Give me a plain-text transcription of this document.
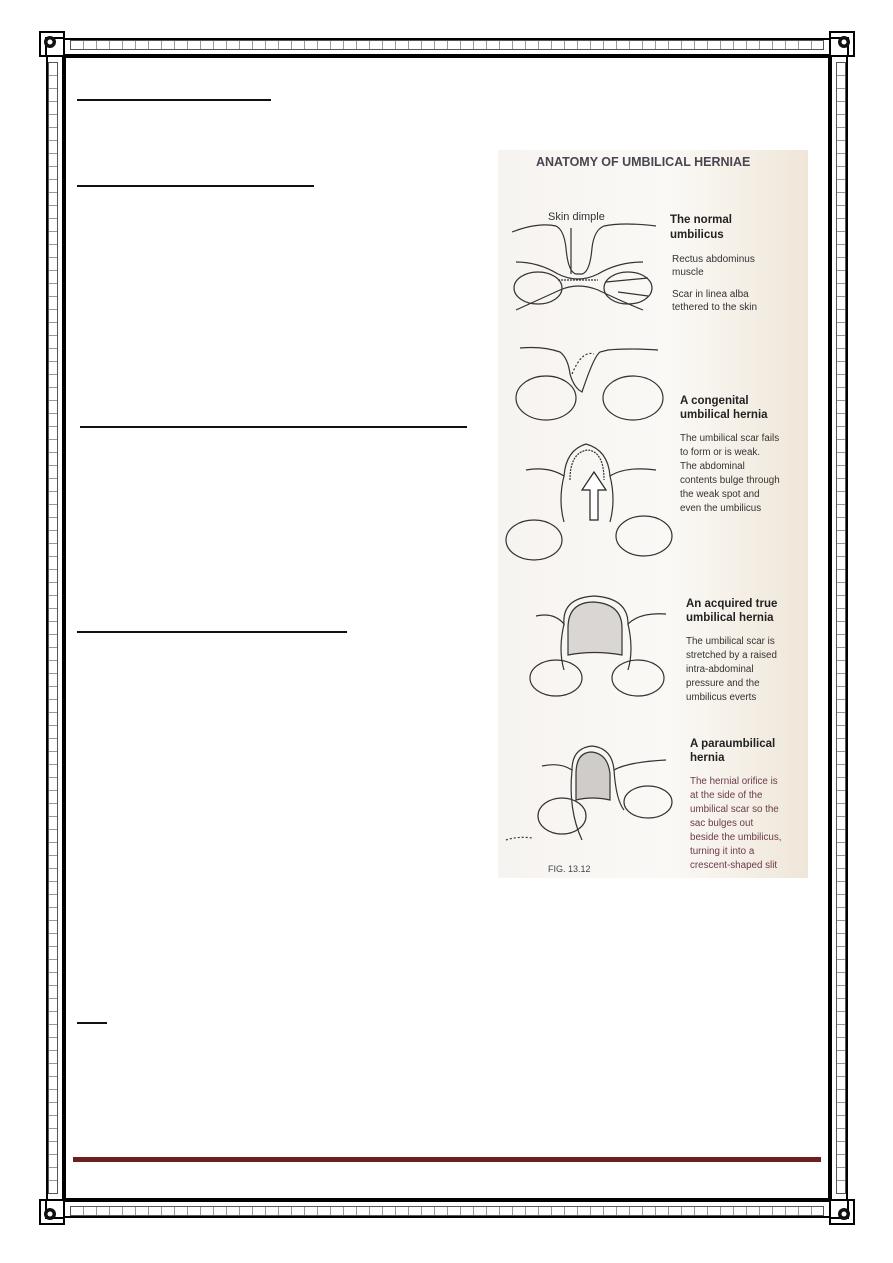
ANATOMY OF UMBILICAL HERNIAE
Skin dimple	The normal
umbilicus
Rectus abdominus
muscle
Scar in linea alba
tethered to the skin
A congenital
umbilical hernia
The umbilical scar fails
to form or is weak.
The abdominal
contents bulge through
the weak spot and
even the umbilicus
An acquired true
umbilical hernia
The umbilical scar is
stretched by a raised
intra-abdominal
pressure and the
umbilicus everts
A paraumbilical
hernia
The hernial orifice is
at the side of the
umbilical scar so the
sac bulges out
beside the umbilicus,
turning it into a
crescent-shaped slit
FIG. 13.12
